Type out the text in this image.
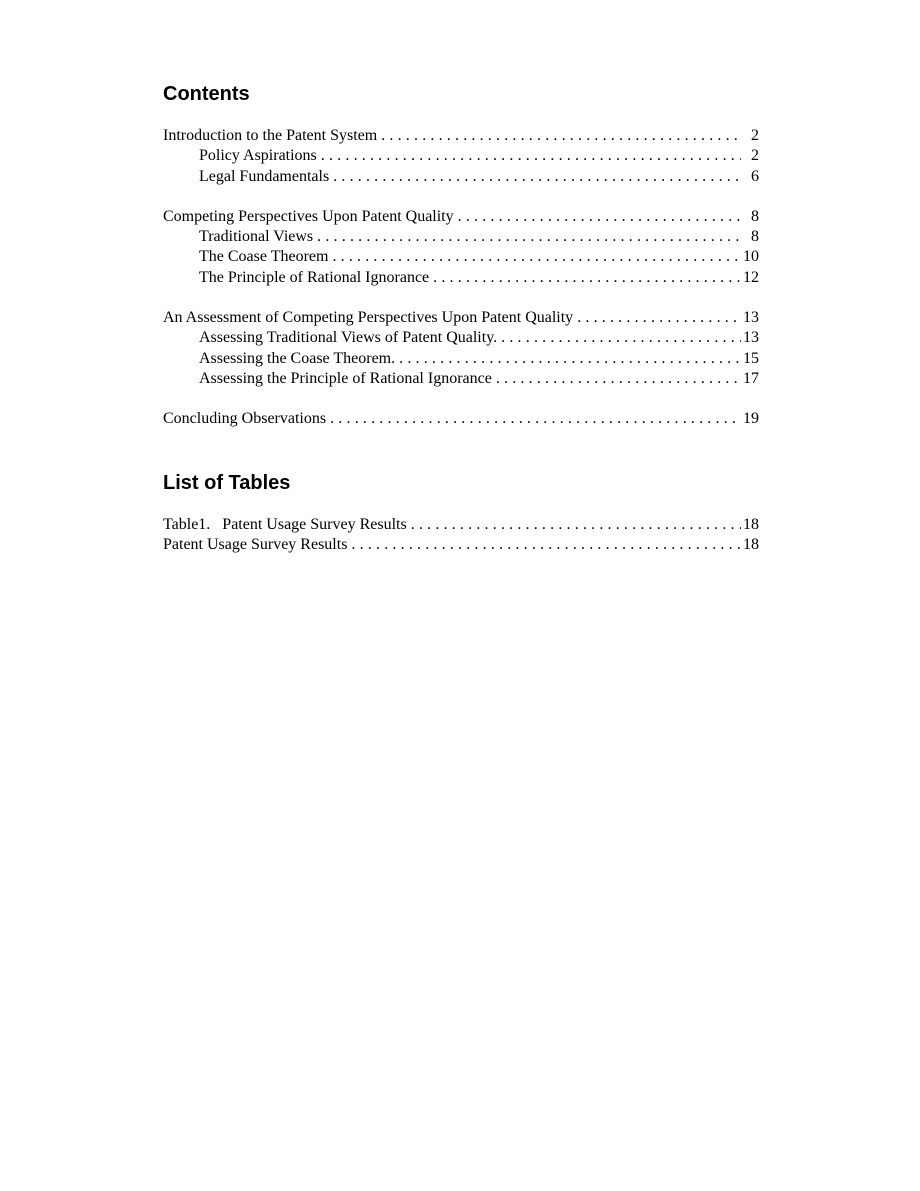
Contents
Introduction to the Patent System . . .	2
Policy Aspirations . . .	2
Legal Fundamentals . . .	6
Competing Perspectives Upon Patent Quality . . .	8
Traditional Views . . .	8
The Coase Theorem . . .	10
The Principle of Rational Ignorance . . .	12
An Assessment of Competing Perspectives Upon Patent Quality . . .	13
Assessing Traditional Views of Patent Quality. . . .	13
Assessing the Coase Theorem. . . .	15
Assessing the Principle of Rational Ignorance . . .	17
Concluding Observations . . .	19
List of Tables
Table1.   Patent Usage Survey Results . . .	18
Patent Usage Survey Results . . .	18
